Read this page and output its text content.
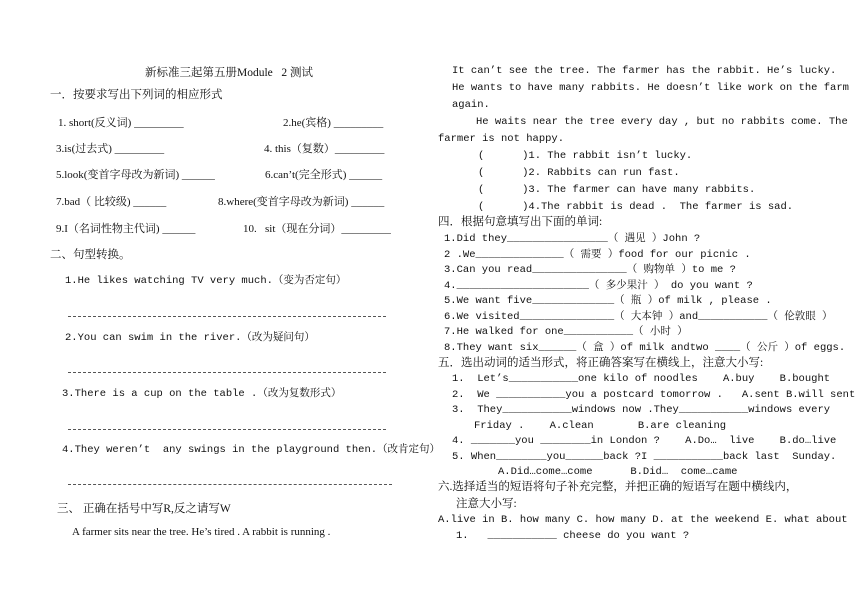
新标准三起第五册Module   2 测试
一．按要求写出下列词的相应形式
1. short(反义词) _________	2.he(宾格) _________
3.is(过去式) _________	4. this（复数）_________
5.look(变首字母改为新词) ______	6.can’t(完全形式) ______
7.bad（ 比较级) ______	8.where(变首字母改为新词) ______
9.I（名词性物主代词) ______	10.   sit（现在分词）_________
二、句型转换。
1.He likes watching TV very much.（变为否定句）
2.You can swim in the river.（改为疑问句）
3.There is a cup on the table .（改为复数形式）
4.They weren’t  any swings in the playground then.（改肯定句）
三、 正确在括号中写R,反之请写W
A farmer sits near the tree. He’s tired . A rabbit is running .
It can’t see the tree. The farmer has the rabbit. He’s lucky.
He wants to have many rabbits. He doesn’t like work on the farm
again.
He waits near the tree every day , but no rabbits come. The
farmer is not happy.
(      )1. The rabbit isn’t lucky.
(      )2. Rabbits can run fast.
(      )3. The farmer can have many rabbits.
(      )4.The rabbit is dead .  The farmer is sad.
四．根据句意填写出下面的单词:
1.Did they________________（ 遇见 ）John ?
2 .We______________（ 需要 ）food for our picnic .
3.Can you read_______________（ 购物单 ）to me ?
4._____________________（ 多少果汁 ） do you want ?
5.We want five_____________（ 瓶 ）of milk , please .
6.We visited_______________（ 大本钟 ）and___________（ 伦敦眼 ）
7.He walked for one___________（ 小时 ）
8.They want six______（ 盒 ）of milk andtwo ____（ 公斤 ）of eggs.
五．选出动词的适当形式，将正确答案写在横线上，注意大小写:
1.  Let’s___________one kilo of noodles    A.buy    B.bought
2.  We ___________you a postcard tomorrow .   A.sent B.will sent
3.  They___________windows now .They___________windows every
Friday .    A.clean       B.are cleaning
4. _______you ________in London ?    A.Do…  live    B.do…live
5. When________you______back ?I ___________back last  Sunday.
A.Did…come…come      B.Did…  come…came
六.选择适当的短语将句子补充完整，并把正确的短语写在题中横线内，
注意大小写:
A.live in B. how many C. how many D. at the weekend E. what about
1.   ___________ cheese do you want ?
